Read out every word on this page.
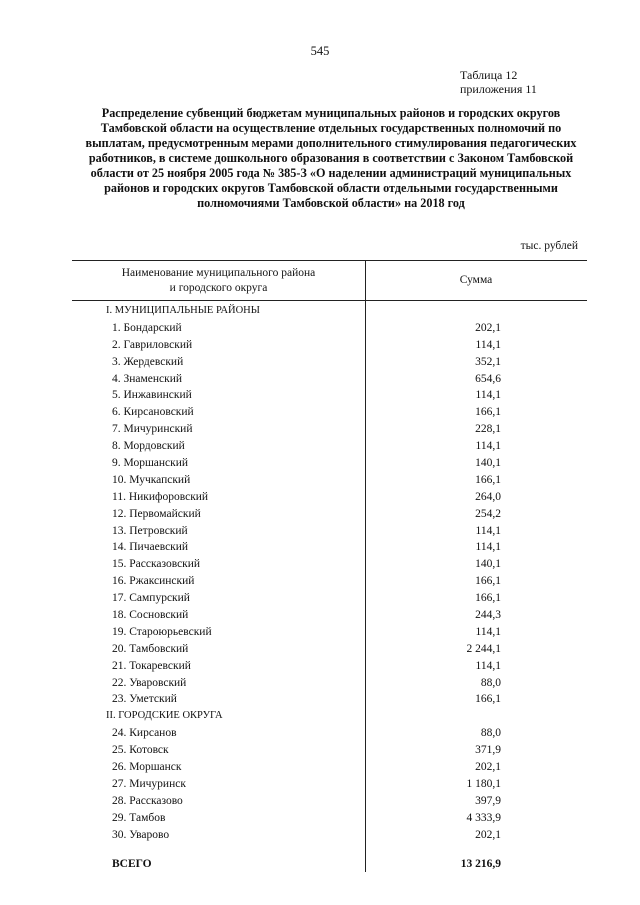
545
Таблица 12
приложения 11
Распределение субвенций бюджетам муниципальных районов и городских округов Тамбовской области на осуществление отдельных государственных полномочий по выплатам, предусмотренным мерами дополнительного стимулирования педагогических работников, в системе дошкольного образования в соответствии с Законом Тамбовской области от 25 ноября 2005 года № 385-З «О наделении администраций муниципальных районов и городских округов Тамбовской области отдельными государственными полномочиями Тамбовской области» на 2018 год
тыс. рублей
Наименование муниципального района
и городского округа
Сумма
I. МУНИЦИПАЛЬНЫЕ РАЙОНЫ
1. Бондарский	202,1
2. Гавриловский	114,1
3. Жердевский	352,1
4. Знаменский	654,6
5. Инжавинский	114,1
6. Кирсановский	166,1
7. Мичуринский	228,1
8. Мордовский	114,1
9. Моршанский	140,1
10. Мучкапский	166,1
11. Никифоровский	264,0
12. Первомайский	254,2
13. Петровский	114,1
14. Пичаевский	114,1
15. Рассказовский	140,1
16. Ржаксинский	166,1
17. Сампурский	166,1
18. Сосновский	244,3
19. Староюрьевский	114,1
20. Тамбовский	2 244,1
21. Токаревский	114,1
22. Уваровский	88,0
23. Уметский	166,1
II. ГОРОДСКИЕ ОКРУГА
24. Кирсанов	88,0
25. Котовск	371,9
26. Моршанск	202,1
27. Мичуринск	1 180,1
28. Рассказово	397,9
29. Тамбов	4 333,9
30. Уварово	202,1
ВСЕГО	13 216,9
